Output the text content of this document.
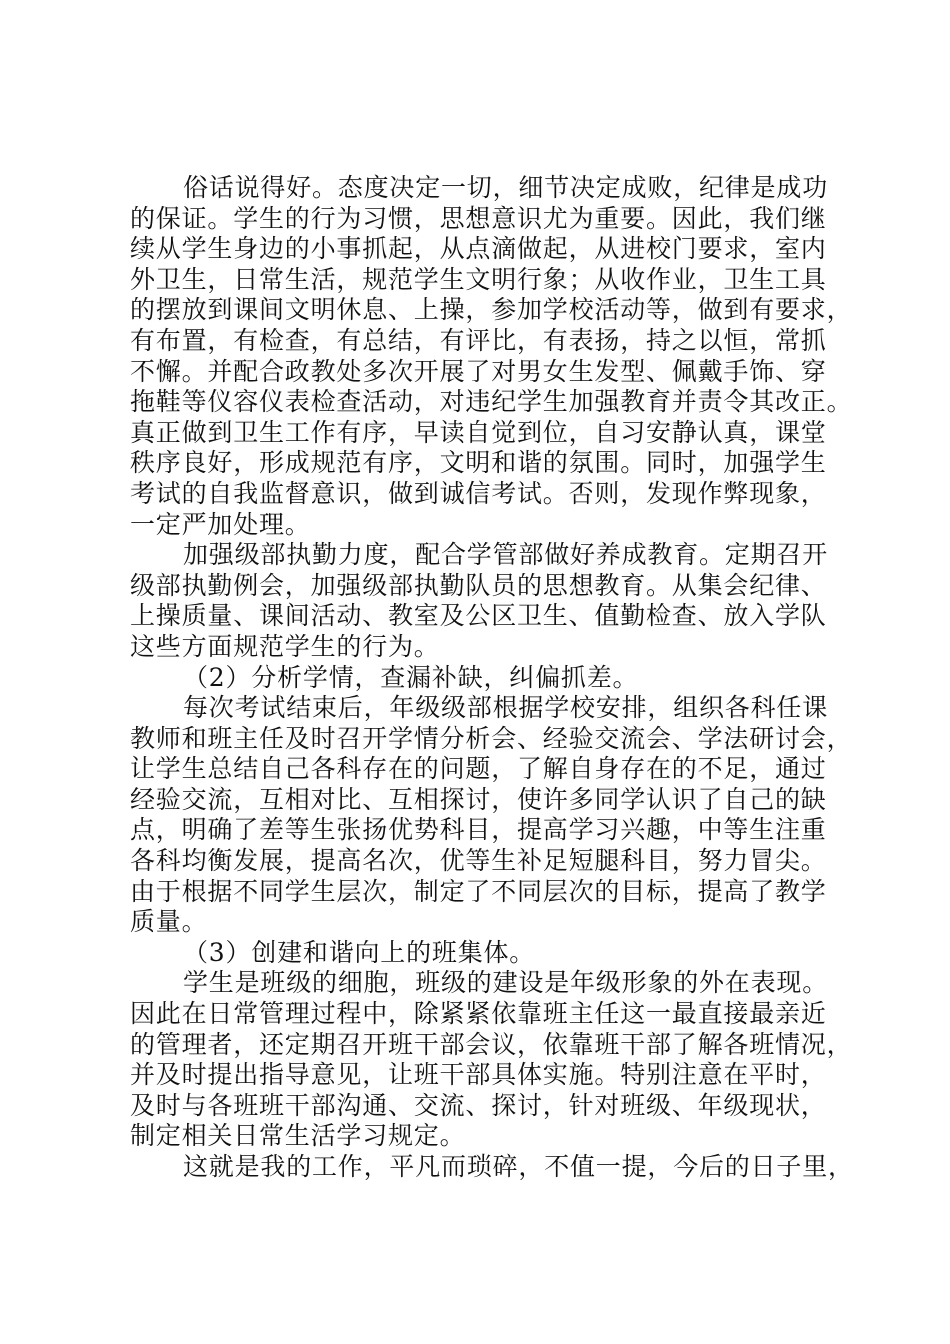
俗话说得好。态度决定一切，细节决定成败，纪律是成功
的保证。学生的行为习惯，思想意识尤为重要。因此，我们继
续从学生身边的小事抓起，从点滴做起，从进校门要求，室内
外卫生，日常生活，规范学生文明行象；从收作业，卫生工具
的摆放到课间文明休息、上操，参加学校活动等，做到有要求，
有布置，有检查，有总结，有评比，有表扬，持之以恒，常抓
不懈。并配合政教处多次开展了对男女生发型、佩戴手饰、穿
拖鞋等仪容仪表检查活动，对违纪学生加强教育并责令其改正。
真正做到卫生工作有序，早读自觉到位，自习安静认真，课堂
秩序良好，形成规范有序，文明和谐的氛围。同时，加强学生
考试的自我监督意识，做到诚信考试。否则，发现作弊现象，
一定严加处理。
加强级部执勤力度，配合学管部做好养成教育。定期召开
级部执勤例会，加强级部执勤队员的思想教育。从集会纪律、
上操质量、课间活动、教室及公区卫生、值勤检查、放入学队
这些方面规范学生的行为。
（2）分析学情，查漏补缺，纠偏抓差。
每次考试结束后，年级级部根据学校安排，组织各科任课
教师和班主任及时召开学情分析会、经验交流会、学法研讨会，
让学生总结自己各科存在的问题，了解自身存在的不足，通过
经验交流，互相对比、互相探讨，使许多同学认识了自己的缺
点，明确了差等生张扬优势科目，提高学习兴趣，中等生注重
各科均衡发展，提高名次，优等生补足短腿科目，努力冒尖。
由于根据不同学生层次，制定了不同层次的目标，提高了教学
质量。
（3）创建和谐向上的班集体。
学生是班级的细胞，班级的建设是年级形象的外在表现。
因此在日常管理过程中，除紧紧依靠班主任这一最直接最亲近
的管理者，还定期召开班干部会议，依靠班干部了解各班情况，
并及时提出指导意见，让班干部具体实施。特别注意在平时，
及时与各班班干部沟通、交流、探讨，针对班级、年级现状，
制定相关日常生活学习规定。
这就是我的工作，平凡而琐碎，不值一提，今后的日子里，
